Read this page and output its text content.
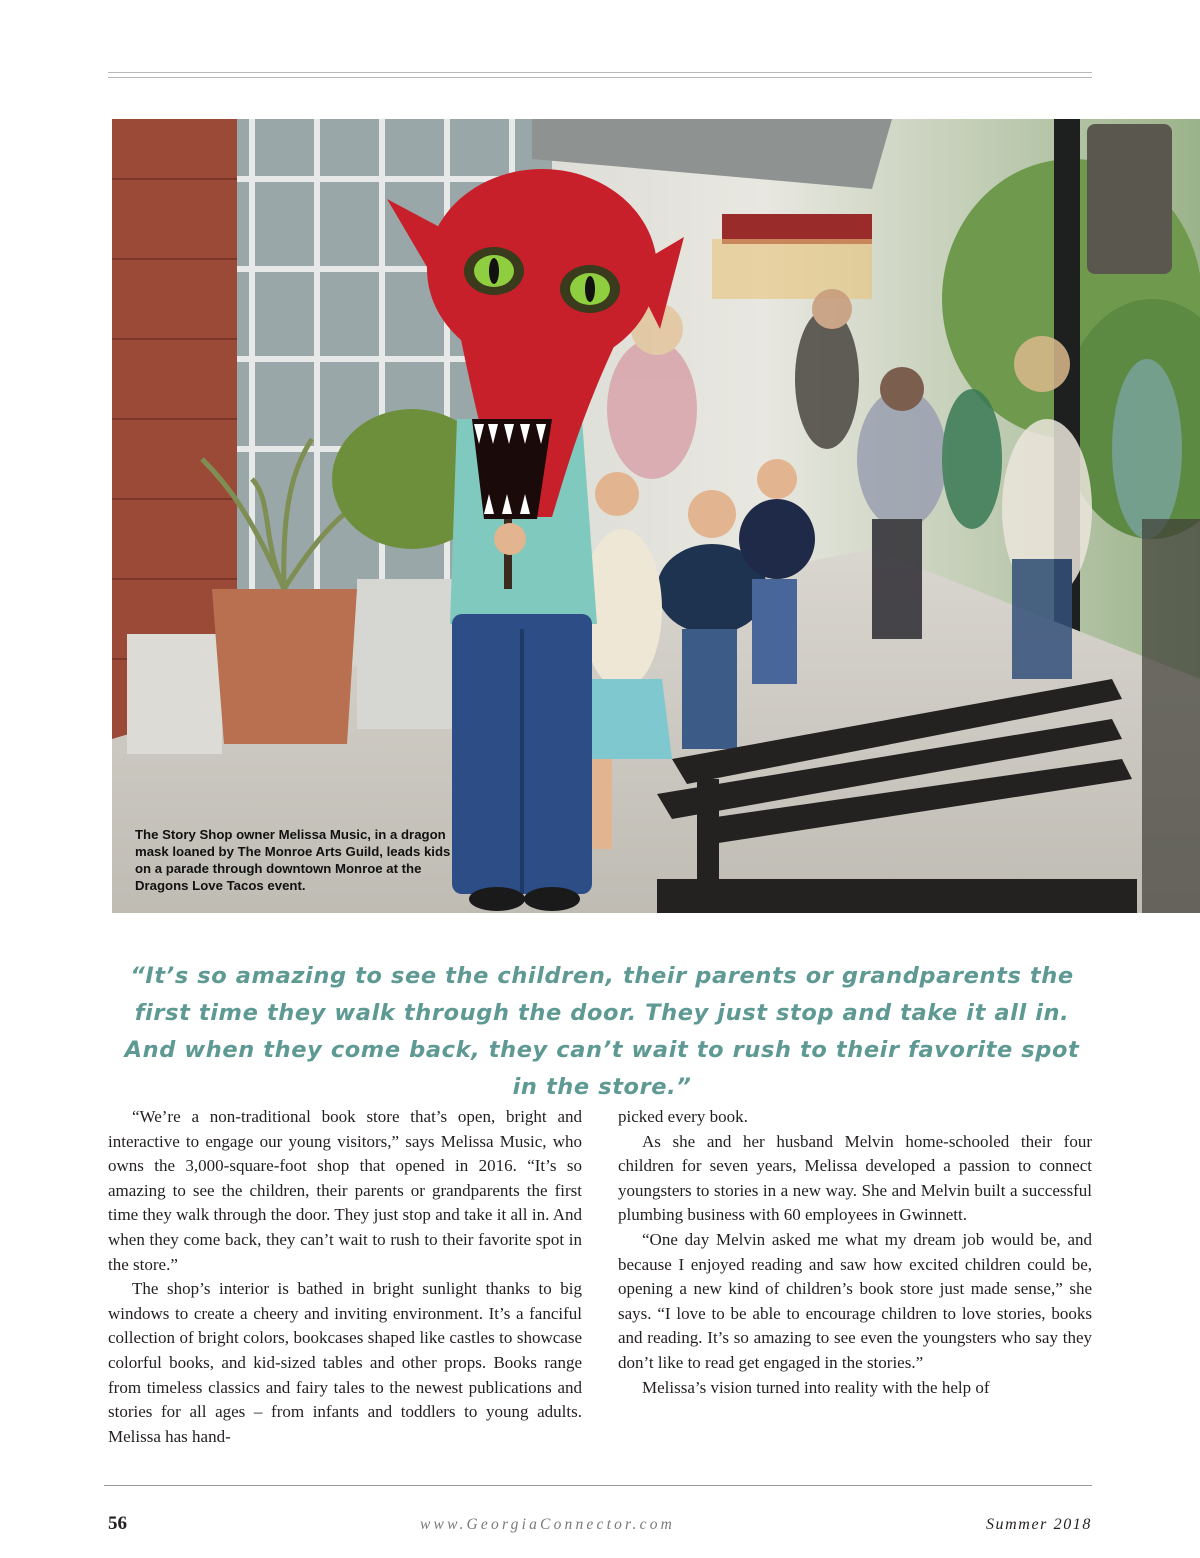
The Story Shop owner Melissa Music, in a dragon mask loaned by The Monroe Arts Guild, leads kids on a parade through downtown Monroe at the Dragons Love Tacos event.
“It’s so amazing to see the children, their parents or grandparents the first time they walk through the door. They just stop and take it all in. And when they come back, they can’t wait to rush to their favorite spot in the store.”

“We’re a non-traditional book store that’s open, bright and interactive to engage our young visitors,” says Melissa Music, who owns the 3,000-square-foot shop that opened in 2016. “It’s so amazing to see the children, their parents or grandparents the first time they walk through the door. They just stop and take it all in. And when they come back, they can’t wait to rush to their favorite spot in the store.”

The shop’s interior is bathed in bright sunlight thanks to big windows to create a cheery and inviting environment. It’s a fanciful collection of bright colors, bookcases shaped like castles to showcase colorful books, and kid-sized tables and other props. Books range from timeless classics and fairy tales to the newest publications and stories for all ages – from infants and toddlers to young adults. Melissa has hand-

picked every book.

As she and her husband Melvin home-schooled their four children for seven years, Melissa developed a passion to connect youngsters to stories in a new way. She and Melvin built a successful plumbing business with 60 employees in Gwinnett.

“One day Melvin asked me what my dream job would be, and because I enjoyed reading and saw how excited children could be, opening a new kind of children’s book store just made sense,” she says. “I love to be able to encourage children to love stories, books and reading. It’s so amazing to see even the youngsters who say they don’t like to read get engaged in the stories.”

Melissa’s vision turned into reality with the help of

56	www.GeorgiaConnector.com	Summer 2018
